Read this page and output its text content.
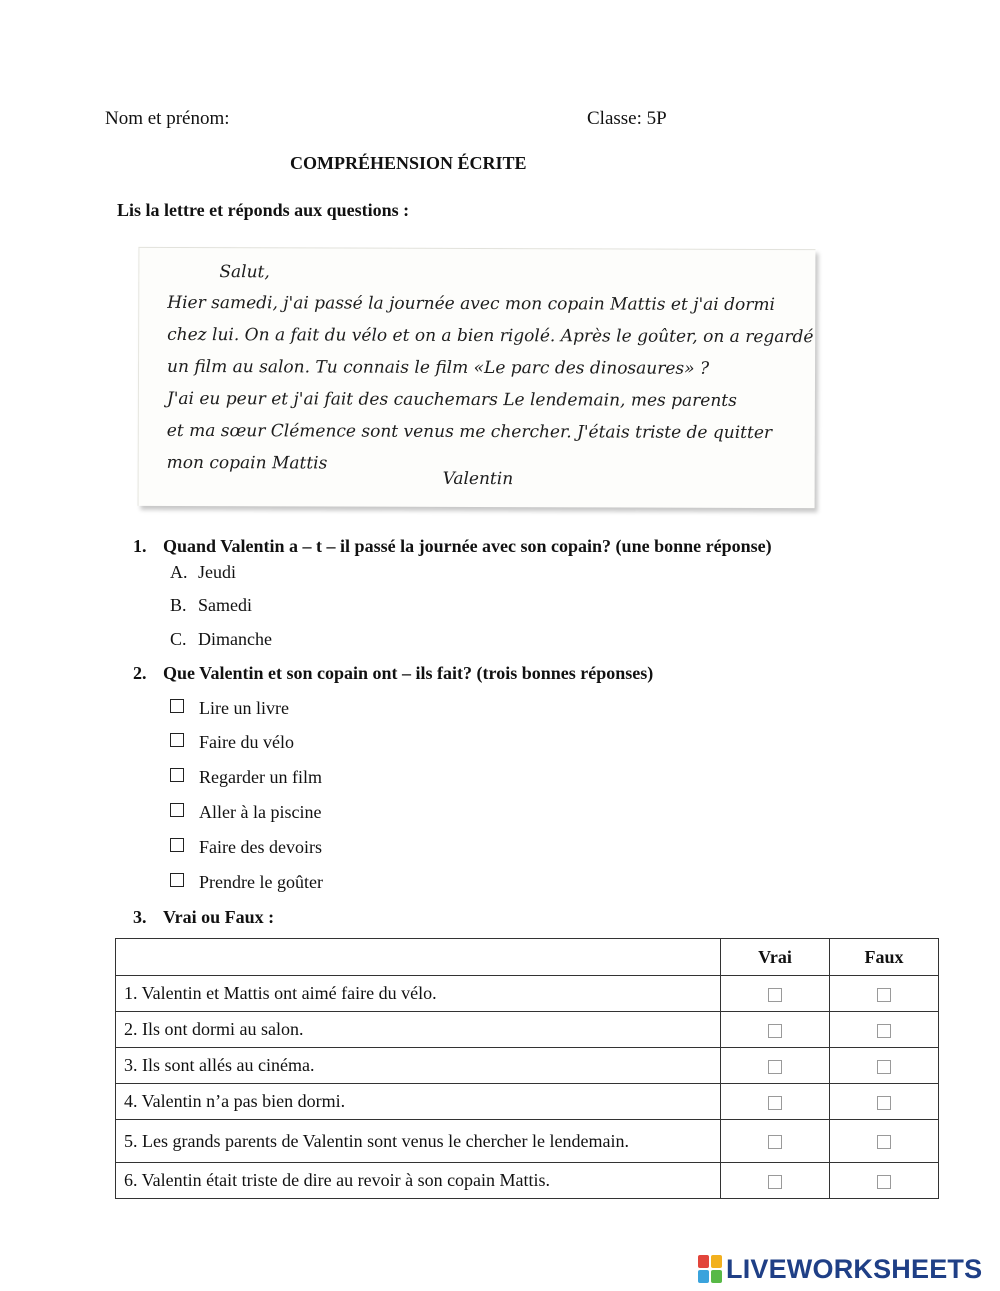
Nom et prénom:	Classe: 5P
COMPRÉHENSION ÉCRITE
Lis la lettre et réponds aux questions :
Salut,
Hier samedi, j'ai passé la journée avec mon copain Mattis et j'ai dormi
chez lui. On a fait du vélo et on a bien rigolé. Après le goûter, on a regardé
un film au salon. Tu connais le film «Le parc des dinosaures» ?
J'ai eu peur et j'ai fait des cauchemars Le lendemain, mes parents
et ma sœur Clémence sont venus me chercher. J'étais triste de quitter
mon copain Mattis
Valentin
1. Quand Valentin a – t – il passé la journée avec son copain? (une bonne réponse)
A. Jeudi
B. Samedi
C. Dimanche
2. Que Valentin et son copain ont – ils fait? (trois bonnes réponses)
Lire un livre
Faire du vélo
Regarder un film
Aller à la piscine
Faire des devoirs
Prendre le goûter
3. Vrai ou Faux :
	Vrai	Faux
1. Valentin et Mattis ont aimé faire du vélo.		
2. Ils ont dormi au salon.		
3. Ils sont allés au cinéma.		
4. Valentin n’a pas bien dormi.		
5. Les grands parents de Valentin sont venus le chercher le lendemain.		
6. Valentin était triste de dire au revoir à son copain Mattis.		
LIVEWORKSHEETS
